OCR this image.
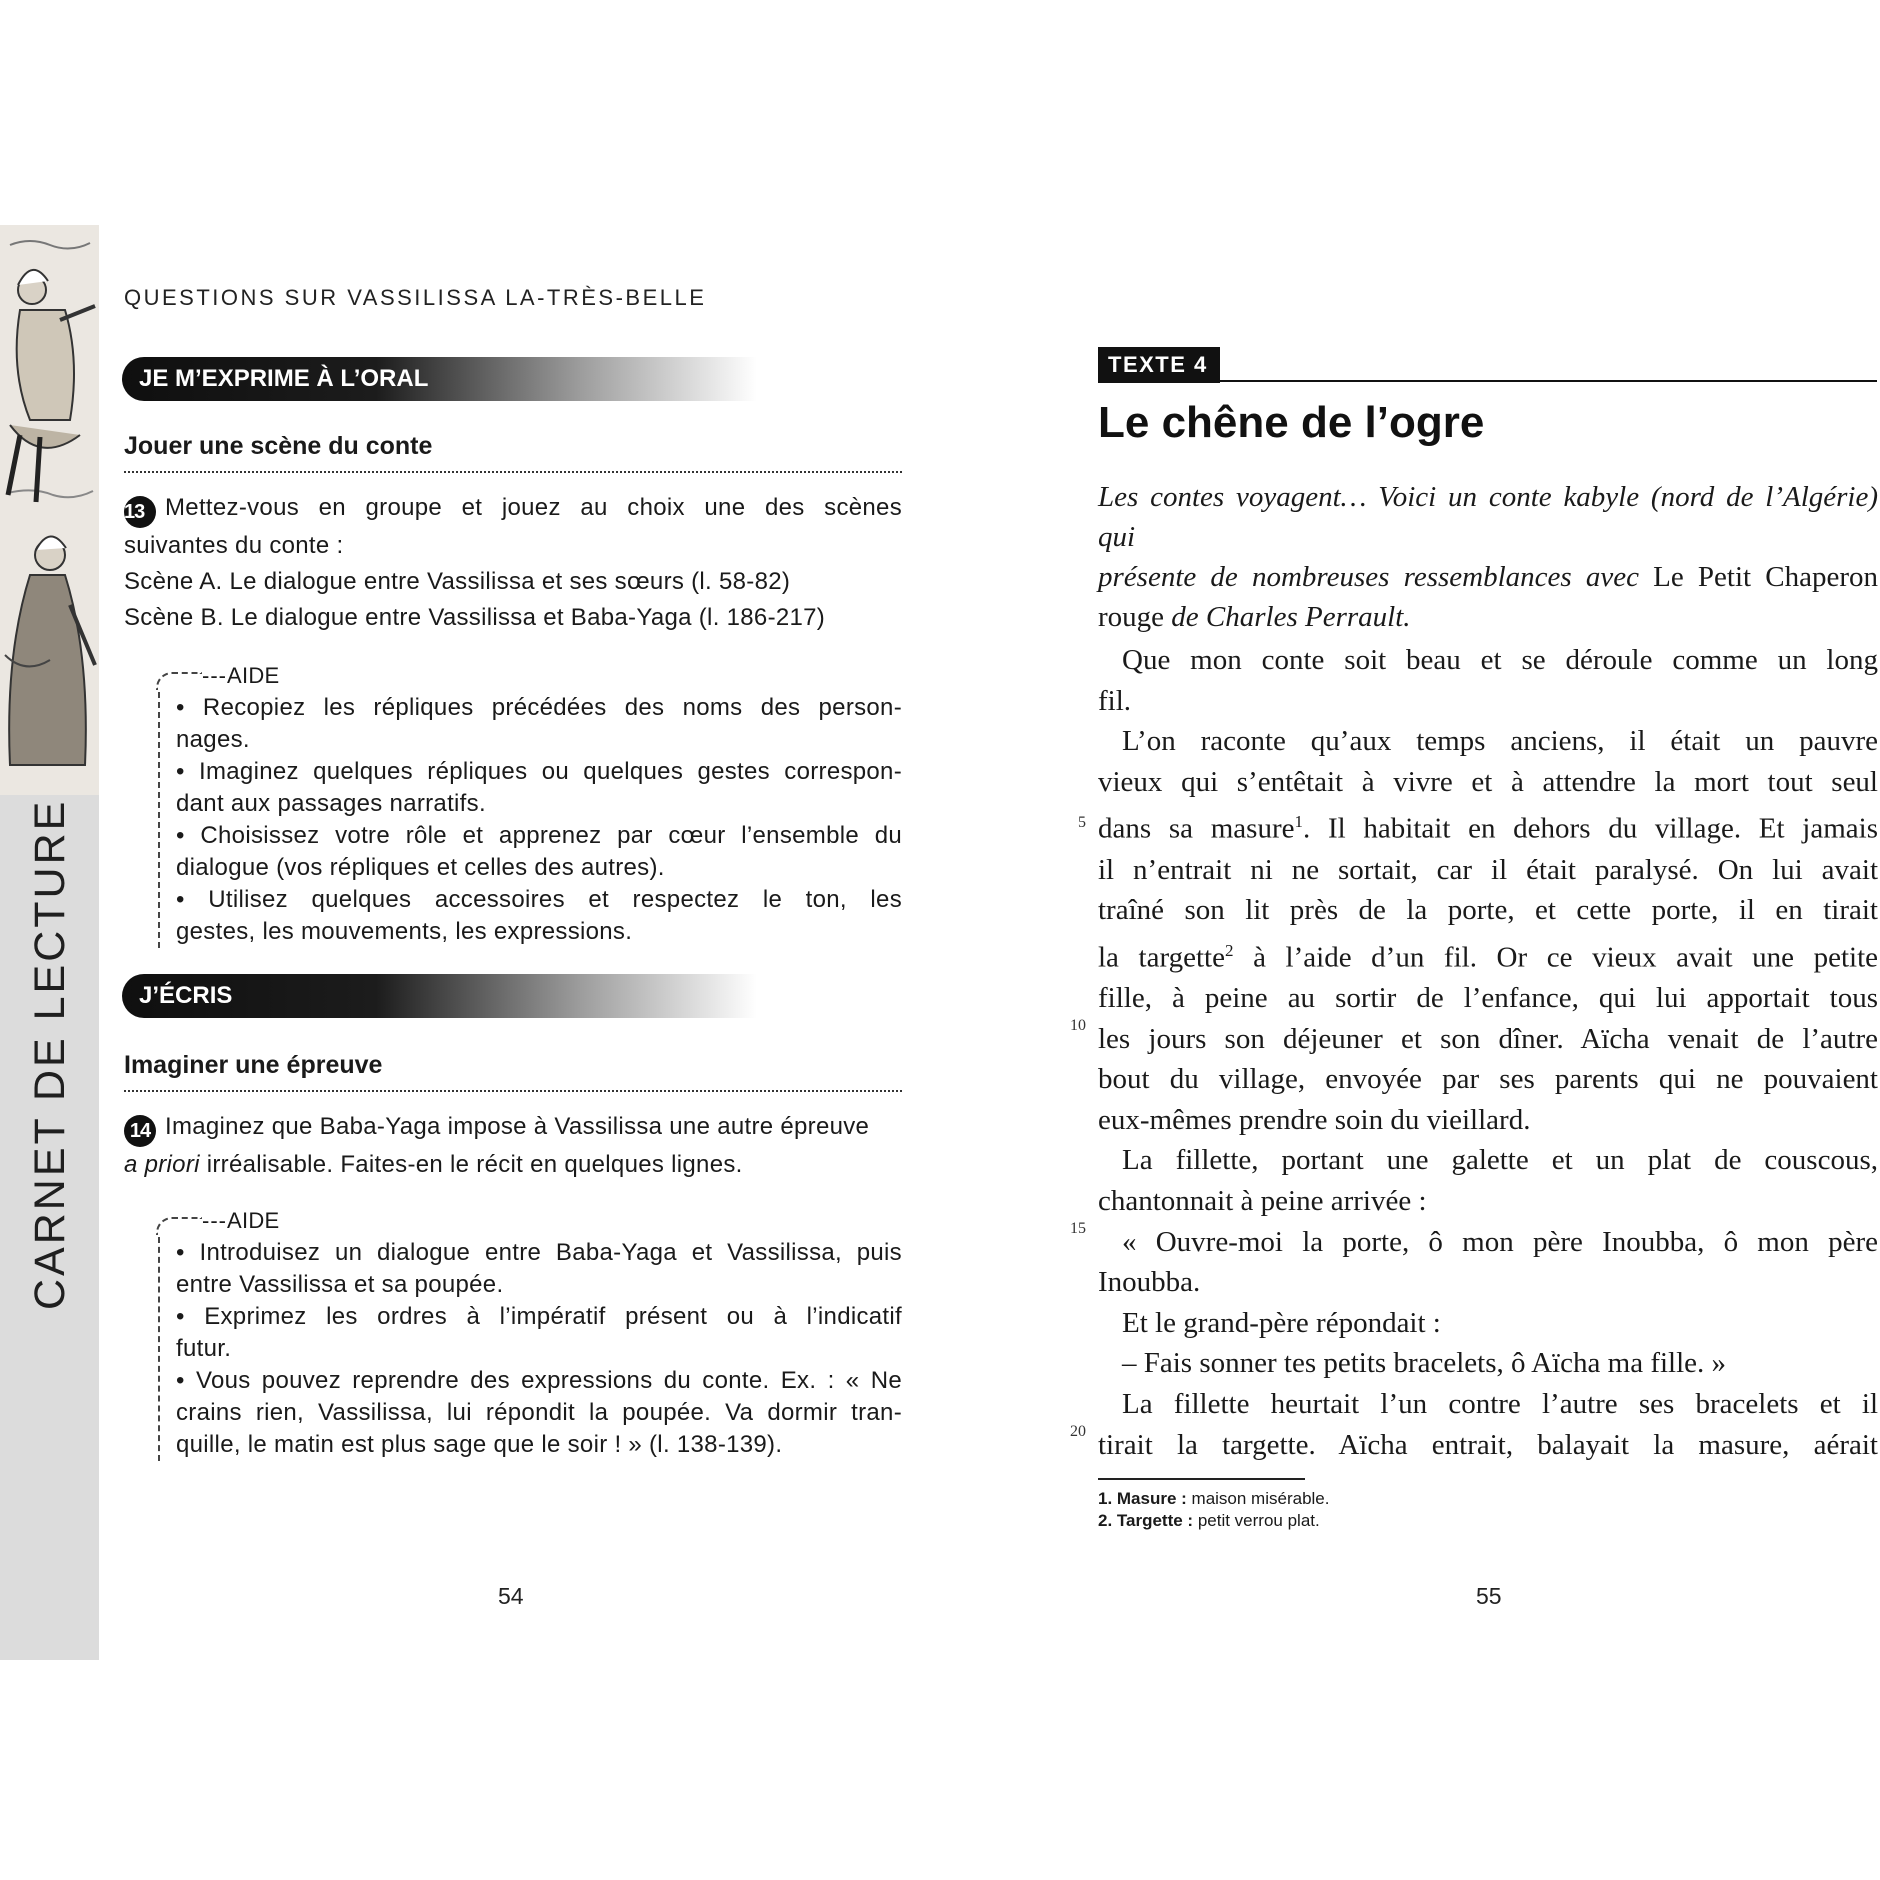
CARNET DE LECTURE
QUESTIONS SUR VASSILISSA LA-TRÈS-BELLE
JE M’EXPRIME À L’ORAL
Jouer une scène du conte

13 Mettez-vous en groupe et jouez au choix une des scènes

suivantes du conte :

Scène A. Le dialogue entre Vassilissa et ses sœurs (l. 58-82)

Scène B. Le dialogue entre Vassilissa et Baba-Yaga (l. 186-217)

---AIDE

• Recopiez les répliques précédées des noms des person-

nages.

• Imaginez quelques répliques ou quelques gestes correspon-

dant aux passages narratifs.

• Choisissez votre rôle et apprenez par cœur l’ensemble du

dialogue (vos répliques et celles des autres).

• Utilisez quelques accessoires et respectez le ton, les

gestes, les mouvements, les expressions.

J’ÉCRIS
Imaginer une épreuve

14 Imaginez que Baba-Yaga impose à Vassilissa une autre épreuve

a priori irréalisable. Faites-en le récit en quelques lignes.

---AIDE

• Introduisez un dialogue entre Baba-Yaga et Vassilissa, puis

entre Vassilissa et sa poupée.

• Exprimez les ordres à l’impératif présent ou à l’indicatif

futur.

• Vous pouvez reprendre des expressions du conte. Ex. : « Ne

crains rien, Vassilissa, lui répondit la poupée. Va dormir tran-

quille, le matin est plus sage que le soir ! » (l. 138-139).

54
TEXTE 4
Le chêne de l’ogre

Les contes voyagent… Voici un conte kabyle (nord de l’Algérie) qui

présente de nombreuses ressemblances avec Le Petit Chaperon

rouge de Charles Perrault.

Que mon conte soit beau et se déroule comme un long
fil.
L’on raconte qu’aux temps anciens, il était un pauvre
vieux qui s’entêtait à vivre et à attendre la mort tout seul
dans sa masure$^1$. Il habitait en dehors du village. Et jamais
il n’entrait ni ne sortait, car il était paralysé. On lui avait
traîné son lit près de la porte, et cette porte, il en tirait
la targette$^2$ à l’aide d’un fil. Or ce vieux avait une petite
fille, à peine au sortir de l’enfance, qui lui apportait tous
les jours son déjeuner et son dîner. Aïcha venait de l’autre
bout du village, envoyée par ses parents qui ne pouvaient
eux-mêmes prendre soin du vieillard.
La fillette, portant une galette et un plat de couscous,
chantonnait à peine arrivée :
« Ouvre-moi la porte, ô mon père Inoubba, ô mon père
Inoubba.
Et le grand-père répondait :
– Fais sonner tes petits bracelets, ô Aïcha ma fille. »
La fillette heurtait l’un contre l’autre ses bracelets et il
tirait la targette. Aïcha entrait, balayait la masure, aérait
5
10
15
20
1. Masure : maison misérable.
2. Targette : petit verrou plat.
55
